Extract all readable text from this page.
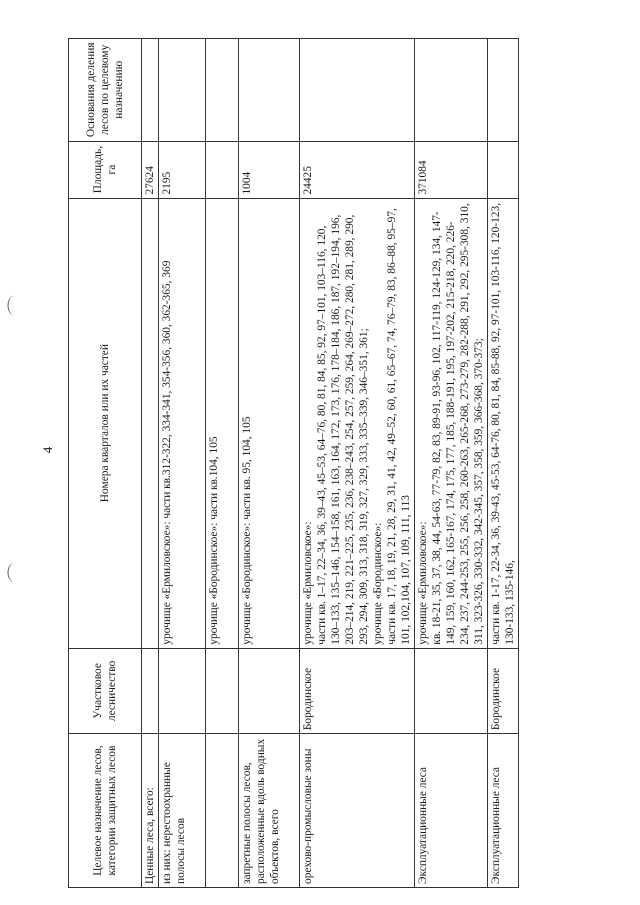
4
Целевое назначение лесов, категории защитных лесов	Участковое лесничество	Номера кварталов или их частей	Площадь, га	Основания деления лесов по целевому назначению
Ценные леса, всего:			27624	
из них: нерестоохранные полосы лесов		урочище «Ермиловское»: части кв.312-322, 334-341, 354-356, 360, 362-365, 369	2195	
		урочище «Бородинское»: части кв.104, 105		
запретные полосы лесов, расположенные вдоль водных объектов, всего		урочище «Бородинское»: части кв. 95, 104, 105	1004	
орехово-промысловые зоны	Бородинское	урочище «Ермиловское»: части кв. 1–17, 22–34, 36, 39–43, 45–53, 64–76, 80, 81, 84, 85, 92, 97–101, 103–116, 120, 130–133, 135–146, 154–158, 161, 163, 164, 172, 173, 176, 178–184, 186, 187, 192–194, 196, 203–214, 219, 221–225, 235, 236, 238–243, 254, 257, 259, 264, 269–272, 280, 281, 289, 290, 293, 294, 309, 313, 318, 319, 327, 329, 333, 335–339, 346–351, 361; урочище «Бородинское»: части кв. 17, 18, 19, 21, 28, 29, 31, 41, 42, 49–52, 60, 61, 65–67, 74, 76–79, 83, 86–88, 95–97, 101, 102,104, 107, 109, 111, 113	24425	
Эксплуатационные леса		урочище «Ермиловское»: кв. 18-21, 35, 37, 38, 44, 54-63, 77-79, 82, 83, 89-91, 93-96, 102, 117-119, 124-129, 134, 147-149, 159, 160, 162, 165-167, 174, 175, 177, 185, 188-191, 195, 197-202, 215-218, 220, 226-234, 237, 244-253, 255, 256, 258, 260-263, 265-268, 273-279, 282-288, 291, 292, 295-308, 310, 311, 323-326, 330-332, 342-345, 357, 358, 359, 366-368, 370-373;	371084	
Эксплуатационные леса	Бородинское	части кв. 1-17, 22-34, 36, 39-43, 45-53, 64-76, 80, 81, 84, 85-88, 92, 97-101, 103-116, 120-123, 130-133, 135-146,		
